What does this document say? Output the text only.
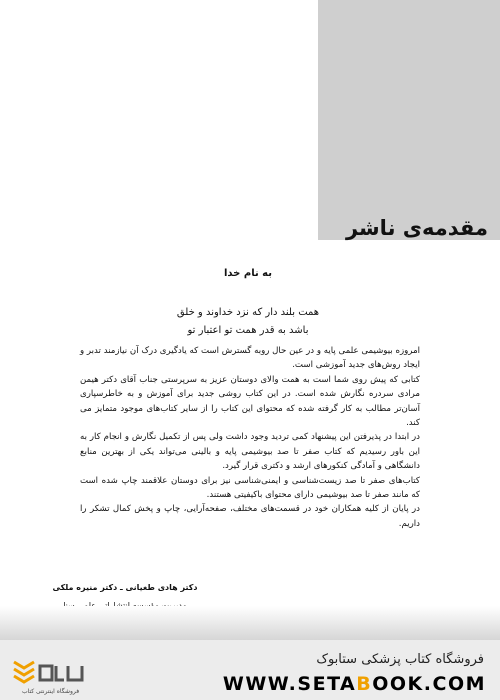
مقدمه‌ی ناشر
به نام خدا
همت بلند دار که نزد خداوند و خلق
باشد به قدر همت تو اعتبار تو

امروزه بیوشیمی علمی پایه و در عین حال روبه گسترش است که یادگیری درک آن نیازمند تدبر و ایجاد روش‌های جدید آموزشی است.

کتابی که پیش روی شما است به همت والای دوستان عزیز به سرپرستی جناب آقای دکتر هیمن مرادی سردره نگارش شده است. در این کتاب روشی جدید برای آموزش و به خاطرسپاری آسان‌تر مطالب به کار گرفته شده که محتوای این کتاب را از سایر کتاب‌های موجود متمایز می کند.

در ابتدا در پذیرفتن این پیشنهاد کمی تردید وجود داشت ولی پس از تکمیل نگارش و انجام کار به این باور رسیدیم که کتاب صفر تا صد بیوشیمی پایه و بالینی می‌تواند یکی از بهترین منابع دانشگاهی و آمادگی کنکورهای ارشد و دکتری قرار گیرد.

کتاب‌های صفر تا صد زیست‌شناسی و ایمنی‌شناسی نیز برای دوستان علاقمند چاپ شده است که مانند صفر تا صد بیوشیمی دارای محتوای باکیفیتی هستند.

در پایان از کلیه همکاران خود در قسمت‌های مختلف، صفحه‌آرایی، چاپ و پخش کمال تشکر را داریم.

دکتر هادی طغیانی ـ دکتر منیره ملکی
فروشگاه اینترنتی کتاب
فروشگاه کتاب پزشکی ستابوک
WWW.SETABOOK.COM
